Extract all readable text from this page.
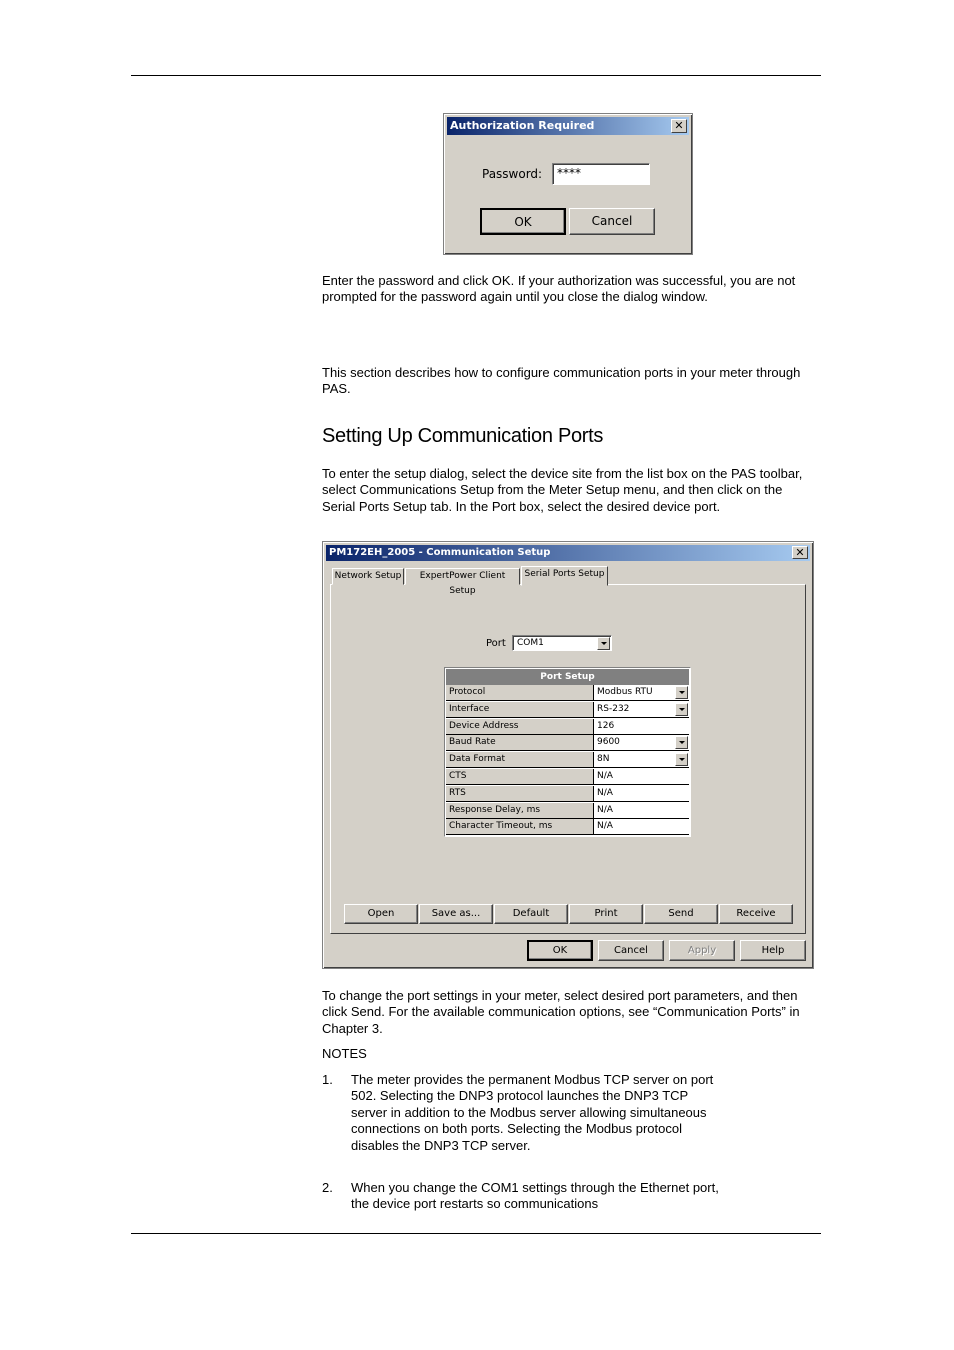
Authorization Required	✕
Password:	****
OK	Cancel

Enter the password and click OK. If your authorization was successful, you are not prompted for the password again until you close the dialog window.

This section describes how to configure communication ports in your meter through PAS.

Setting Up Communication Ports

To enter the setup dialog, select the device site from the list box on the PAS toolbar, select Communications Setup from the Meter Setup menu, and then click on the Serial Ports Setup tab. In the Port box, select the desired device port.

PM172EH_2005 - Communication Setup	✕
Network Setup	ExpertPower Client Setup
Serial Ports Setup
Port	COM1
Port Setup
Protocol	Modbus RTU
Interface	RS-232
Device Address	126
Baud Rate	9600
Data Format	8N
CTS	N/A
RTS	N/A
Response Delay, ms	N/A
Character Timeout, ms	N/A
Open	Save as...	Default	Print	Send	Receive
OK	Cancel	Apply	Help

To change the port settings in your meter, select desired port parameters, and then click Send. For the available communication options, see “Communication Ports” in Chapter 3.

NOTES

1. The meter provides the permanent Modbus TCP server on port 502. Selecting the DNP3 protocol launches the DNP3 TCP server in addition to the Modbus server allowing simultaneous connections on both ports. Selecting the Modbus protocol disables the DNP3 TCP server.
2. When you change the COM1 settings through the Ethernet port, the device port restarts so communications
